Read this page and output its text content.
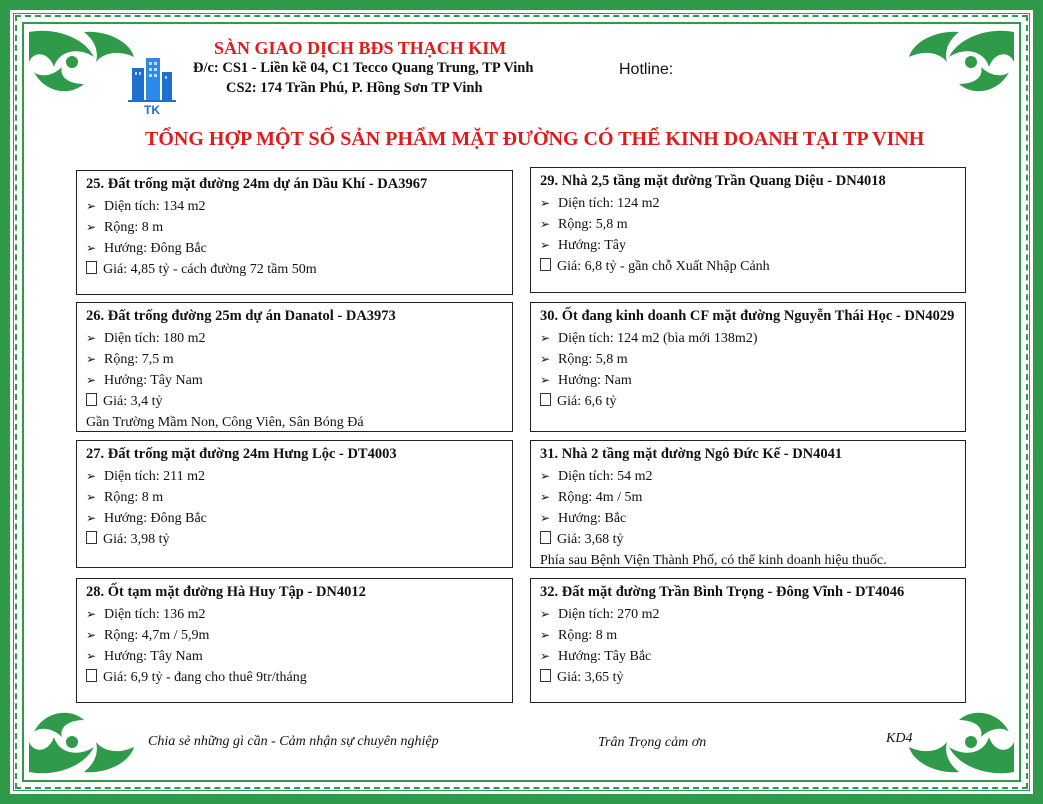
TK
SÀN GIAO DỊCH BĐS THẠCH KIM
Đ/c: CS1 - Liền kề 04, C1 Tecco Quang Trung, TP Vinh
CS2: 174 Trần Phú, P. Hồng Sơn TP Vinh
Hotline:
TỔNG HỢP MỘT SỐ SẢN PHẨM MẶT ĐƯỜNG CÓ THỂ KINH DOANH TẠI TP VINH
25. Đất trống mặt đường 24m dự án Dầu Khí - DA3967
➢ Diện tích: 134 m2
➢ Rộng: 8 m
➢ Hướng: Đông Bắc
Giá: 4,85 tỷ - cách đường 72 tầm 50m
26. Đất trống đường 25m dự án Danatol - DA3973
➢ Diện tích: 180 m2
➢ Rộng: 7,5 m
➢ Hướng: Tây Nam
Giá: 3,4 tỷ
Gần Trường Mầm Non, Công Viên, Sân Bóng Đá
27. Đất trống mặt đường 24m Hưng Lộc - DT4003
➢ Diện tích: 211 m2
➢ Rộng: 8 m
➢ Hướng: Đông Bắc
Giá: 3,98 tỷ
28. Ốt tạm mặt đường Hà Huy Tập - DN4012
➢ Diện tích: 136 m2
➢ Rộng: 4,7m / 5,9m
➢ Hướng: Tây Nam
Giá: 6,9 tỷ - đang cho thuê 9tr/tháng
29. Nhà 2,5 tầng mặt đường Trần Quang Diệu - DN4018
➢ Diện tích: 124 m2
➢ Rộng: 5,8 m
➢ Hướng: Tây
Giá: 6,8 tỷ - gần chỗ Xuất Nhập Cảnh
30. Ốt đang kinh doanh CF mặt đường Nguyễn Thái Học - DN4029
➢ Diện tích: 124 m2 (bìa mới 138m2)
➢ Rộng: 5,8 m
➢ Hướng: Nam
Giá: 6,6 tỷ
31. Nhà 2 tầng mặt đường Ngô Đức Kế - DN4041
➢ Diện tích: 54 m2
➢ Rộng: 4m / 5m
➢ Hướng: Bắc
Giá: 3,68 tỷ
Phía sau Bệnh Viện Thành Phố, có thể kinh doanh hiệu thuốc.
32. Đất mặt đường Trần Bình Trọng - Đông Vĩnh - DT4046
➢ Diện tích: 270 m2
➢ Rộng: 8 m
➢ Hướng: Tây Bắc
Giá: 3,65 tỷ
Chia sẻ những gì cần - Cảm nhận sự chuyên nghiệp	Trân Trọng cảm ơn	KD4
